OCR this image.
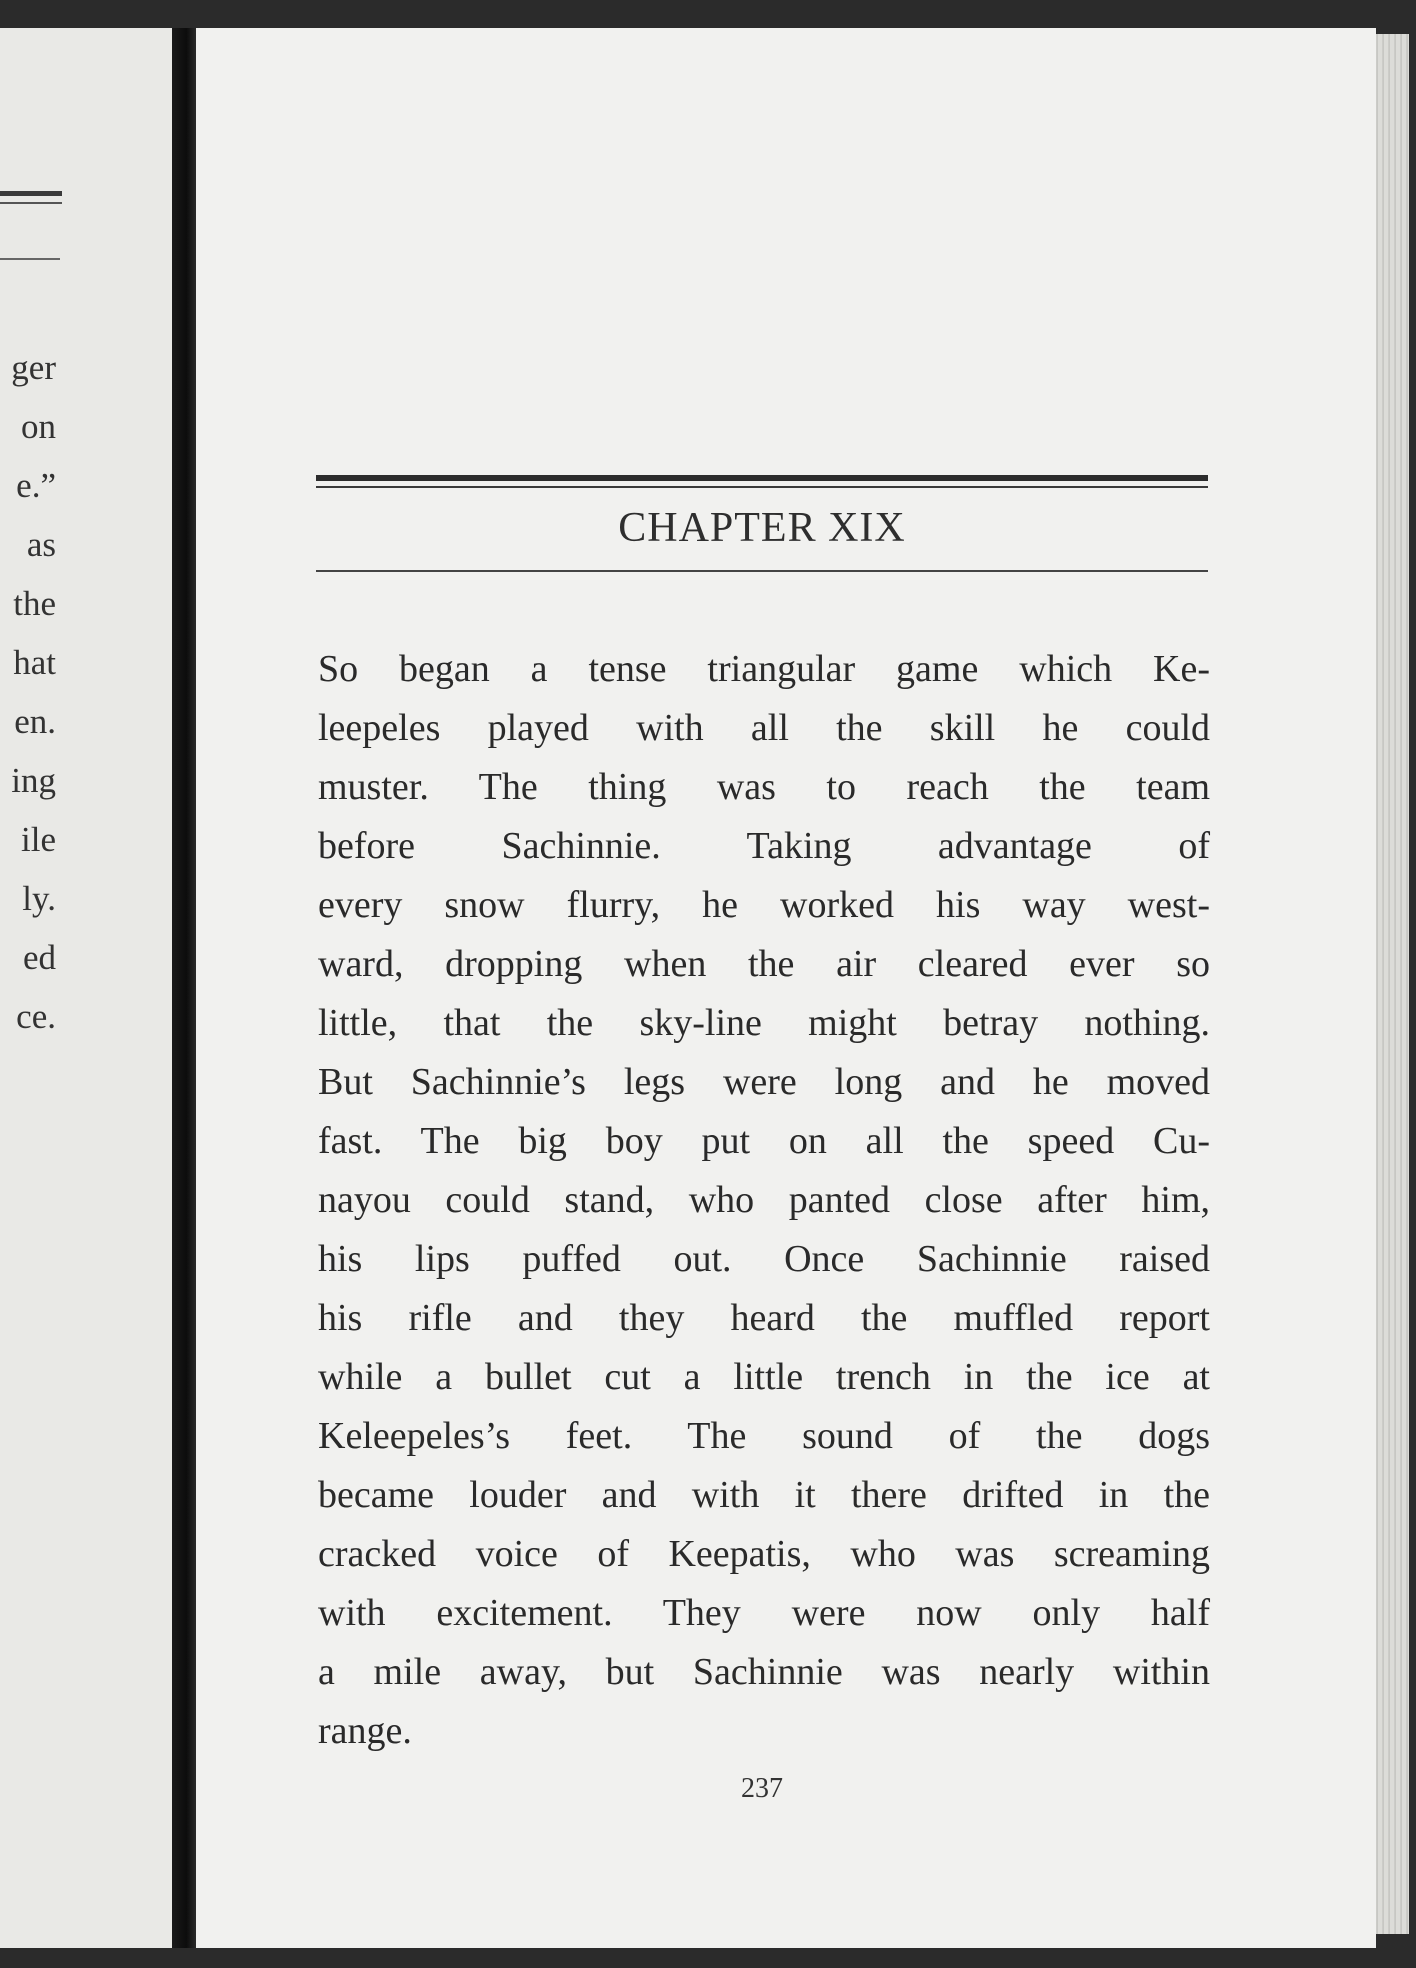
ger
on
e.”
as
the
hat
en.
ing
ile
ly.
ed
ce.
CHAPTER XIX
So began a tense triangular game which Ke-
leepeles played with all the skill he could
muster. The thing was to reach the team
before Sachinnie. Taking advantage of
every snow flurry, he worked his way west-
ward, dropping when the air cleared ever so
little, that the sky-line might betray nothing.
But Sachinnie’s legs were long and he moved
fast. The big boy put on all the speed Cu-
nayou could stand, who panted close after him,
his lips puffed out. Once Sachinnie raised
his rifle and they heard the muffled report
while a bullet cut a little trench in the ice at
Keleepeles’s feet. The sound of the dogs
became louder and with it there drifted in the
cracked voice of Keepatis, who was screaming
with excitement. They were now only half
a mile away, but Sachinnie was nearly within
range.

237
